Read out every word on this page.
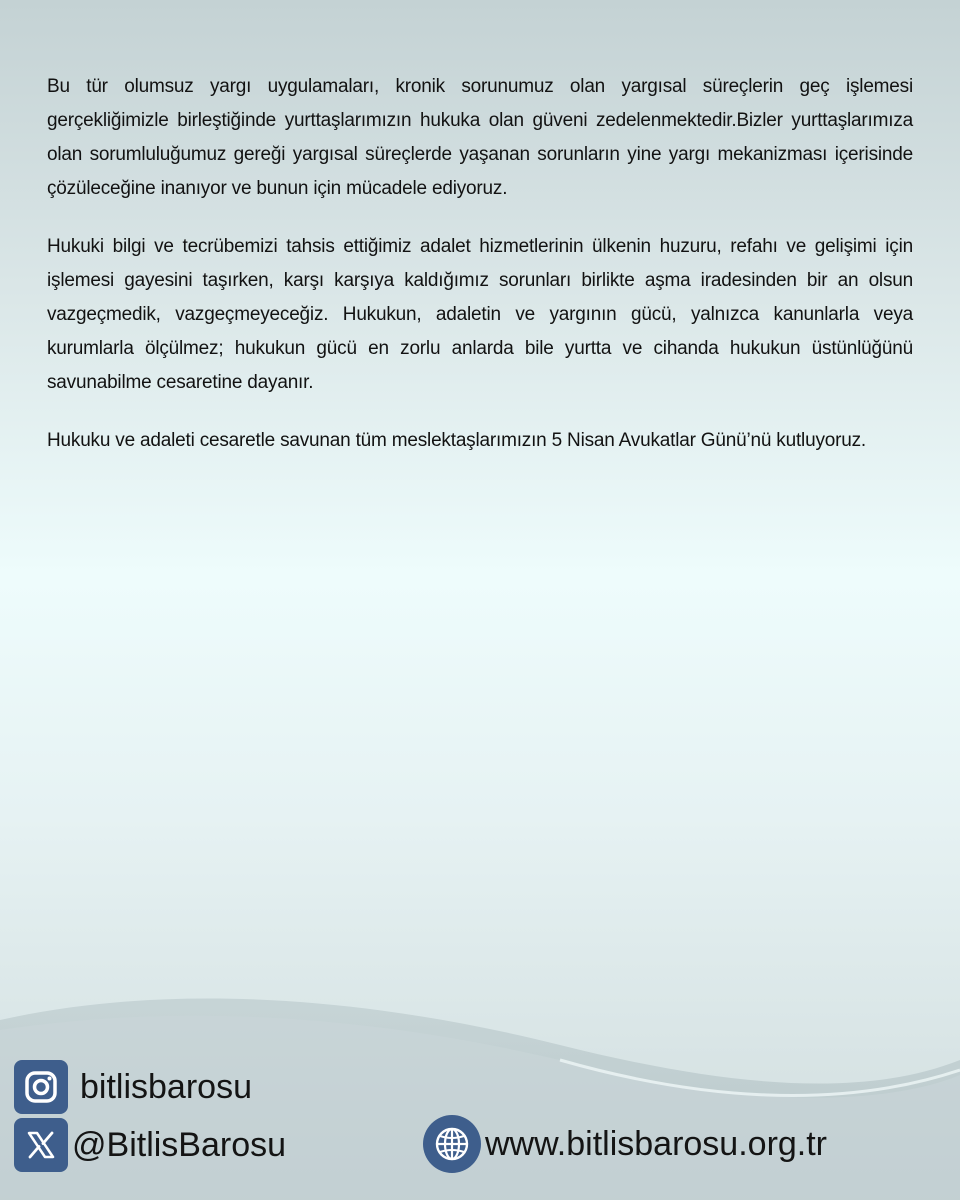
Bu tür olumsuz yargı uygulamaları, kronik sorunumuz olan yargısal süreçlerin geç işlemesi gerçekliğimizle birleştiğinde yurttaşlarımızın hukuka olan güveni zedelenmektedir.Bizler yurttaşlarımıza olan sorumluluğumuz gereği yargısal süreçlerde yaşanan sorunların yine yargı mekanizması içerisinde çözüleceğine inanıyor ve bunun için mücadele ediyoruz.

Hukuki bilgi ve tecrübemizi tahsis ettiğimiz adalet hizmetlerinin ülkenin huzuru, refahı ve gelişimi için işlemesi gayesini taşırken, karşı karşıya kaldığımız sorunları birlikte aşma iradesinden bir an olsun vazgeçmedik, vazgeçmeyeceğiz. Hukukun, adaletin ve yargının gücü, yalnızca kanunlarla veya kurumlarla ölçülmez; hukukun gücü en zorlu anlarda bile yurtta ve cihanda hukukun üstünlüğünü savunabilme cesaretine dayanır.

Hukuku ve adaleti cesaretle savunan tüm meslektaşlarımızın 5 Nisan Avukatlar Günü’nü kutluyoruz.

bitlisbarosu
@BitlisBarosu	www.bitlisbarosu.org.tr
